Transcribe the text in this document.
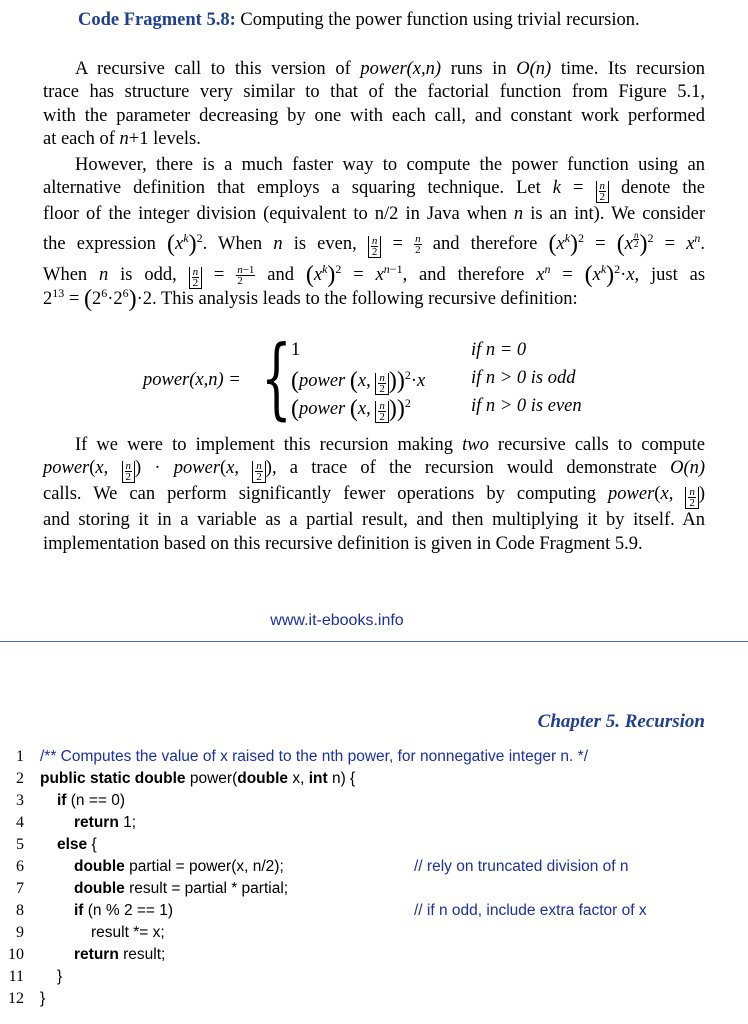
Code Fragment 5.8: Computing the power function using trivial recursion.
A recursive call to this version of power(x,n) runs in O(n) time. Its recursion
trace has structure very similar to that of the factorial function from Figure 5.1,
with the parameter decreasing by one with each call, and constant work performed
at each of n+1 levels.
However, there is a much faster way to compute the power function using an
alternative definition that employs a squaring technique. Let $k = \frac{n}{2}$ denote the
floor of the integer division (equivalent to n/2 in Java when n is an int). We consider
the expression $(x^k)^2$. When n is even, $\frac{n}{2} = \frac{n}{2}$ and therefore $(x^k)^2 = (x$ $^{\frac{n}{2}}$ )$^2 = x^n$.
When n is odd, $\frac{n}{2} = \frac{n-1}{2}$ and $(x^k)^2 = x^{n-1}$, and therefore $x^n = (x^k)^2\cdot x$, just as
$2^{13} = (2^6\cdot 2^6)\cdot 2$. This analysis leads to the following recursive definition:
power(x,n) = { 1	if n = 0
(power (x, $\frac{n}{2} ))^2\cdot x$ if n > 0 is odd
(power (x, $\frac{n}{2} ))^2$	if n > 0 is even
If we were to implement this recursion making two recursive calls to compute
power(x, $\frac{n}{2}$ ) · power(x, $\frac{n}{2}$ ), a trace of the recursion would demonstrate O(n)
calls. We can perform significantly fewer operations by computing power(x, $\frac{n}{2}$ )
and storing it in a variable as a partial result, and then multiplying it by itself. An
implementation based on this recursive definition is given in Code Fragment 5.9.
www.it-ebooks.info
Chapter 5. Recursion
1 /** Computes the value of x raised to the nth power, for nonnegative integer n. */
2 public static double power(double x, int n) {
3 if (n == 0)
4	return 1;
5 else {
6	double partial = power(x, n/2);	// rely on truncated division of n
7	double result = partial * partial;
8	if (n % 2 == 1)	// if n odd, include extra factor of x
9	result *= x;
10	return result;
11 }
12 }
